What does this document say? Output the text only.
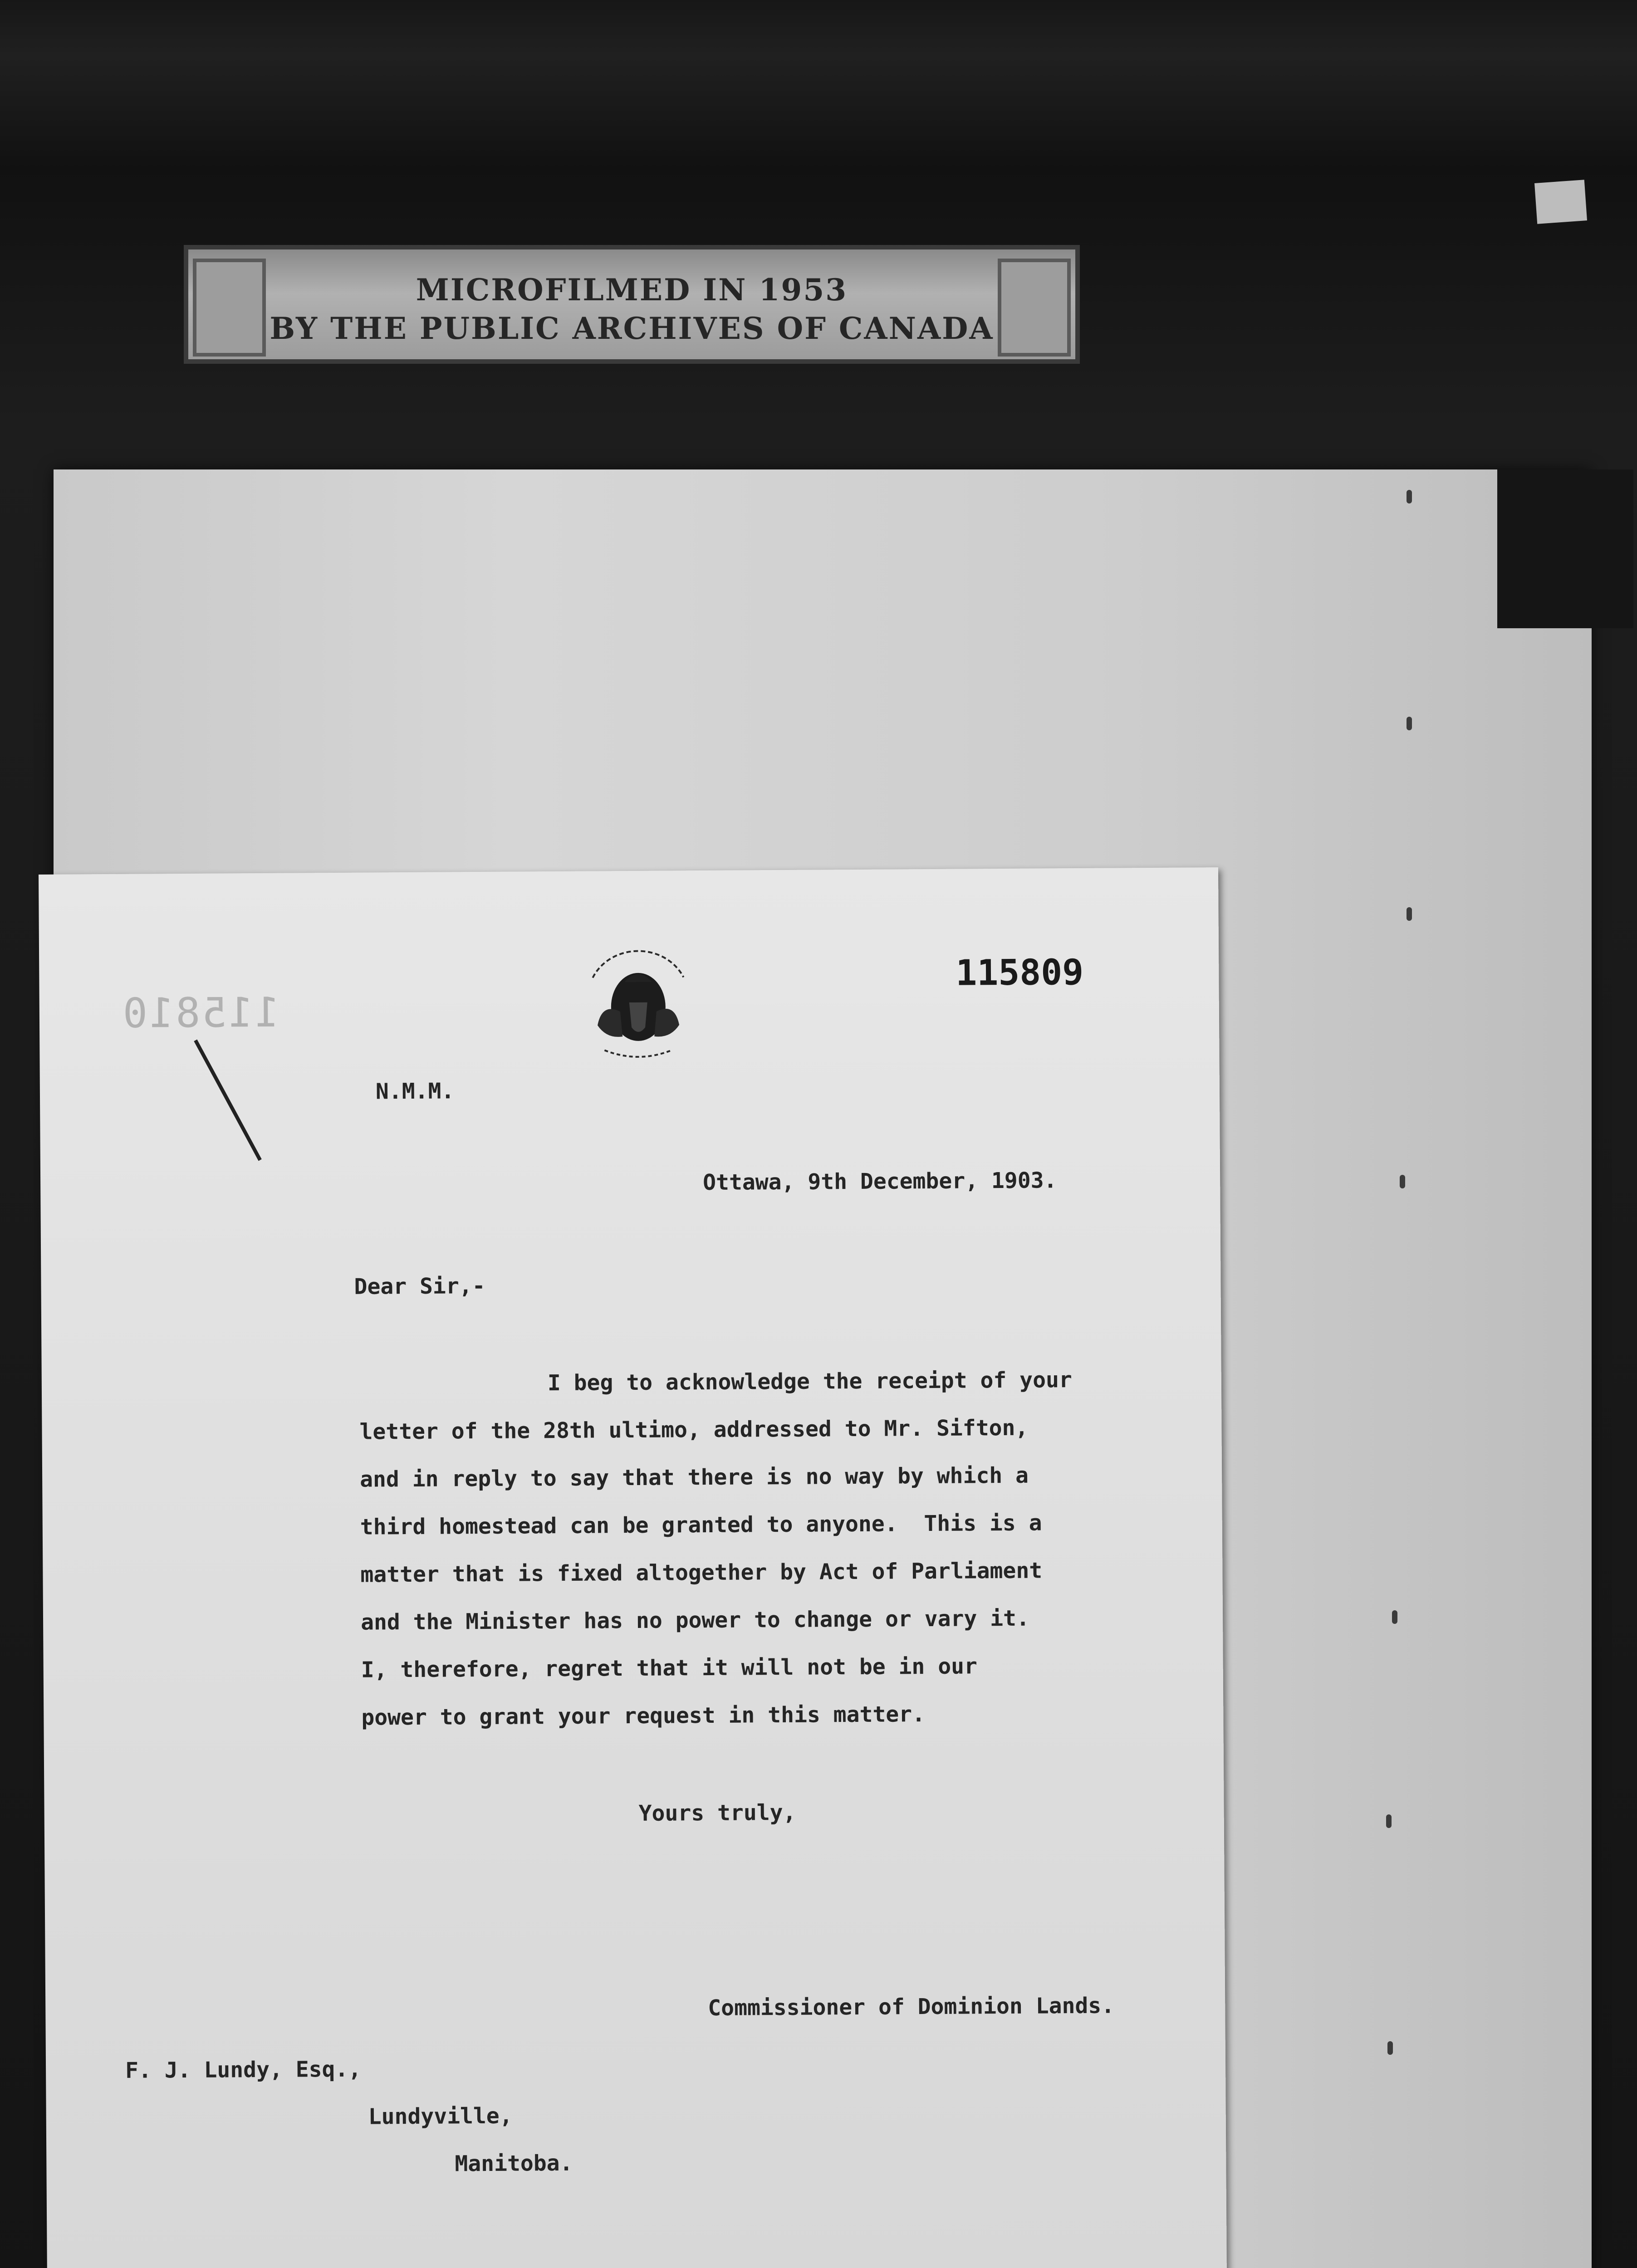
MICROFILMED IN 1953
BY THE PUBLIC ARCHIVES OF CANADA
115810
115809
N.M.M.
Ottawa, 9th December, 1903.
Dear Sir,-
I beg to acknowledge the receipt of your
letter of the 28th ultimo, addressed to Mr. Sifton,
and in reply to say that there is no way by which a
third homestead can be granted to anyone.  This is a
matter that is fixed altogether by Act of Parliament
and the Minister has no power to change or vary it.
I, therefore, regret that it will not be in our
power to grant your request in this matter.
Yours truly,
Commissioner of Dominion Lands.
F. J. Lundy, Esq.,
Lundyville,
Manitoba.
